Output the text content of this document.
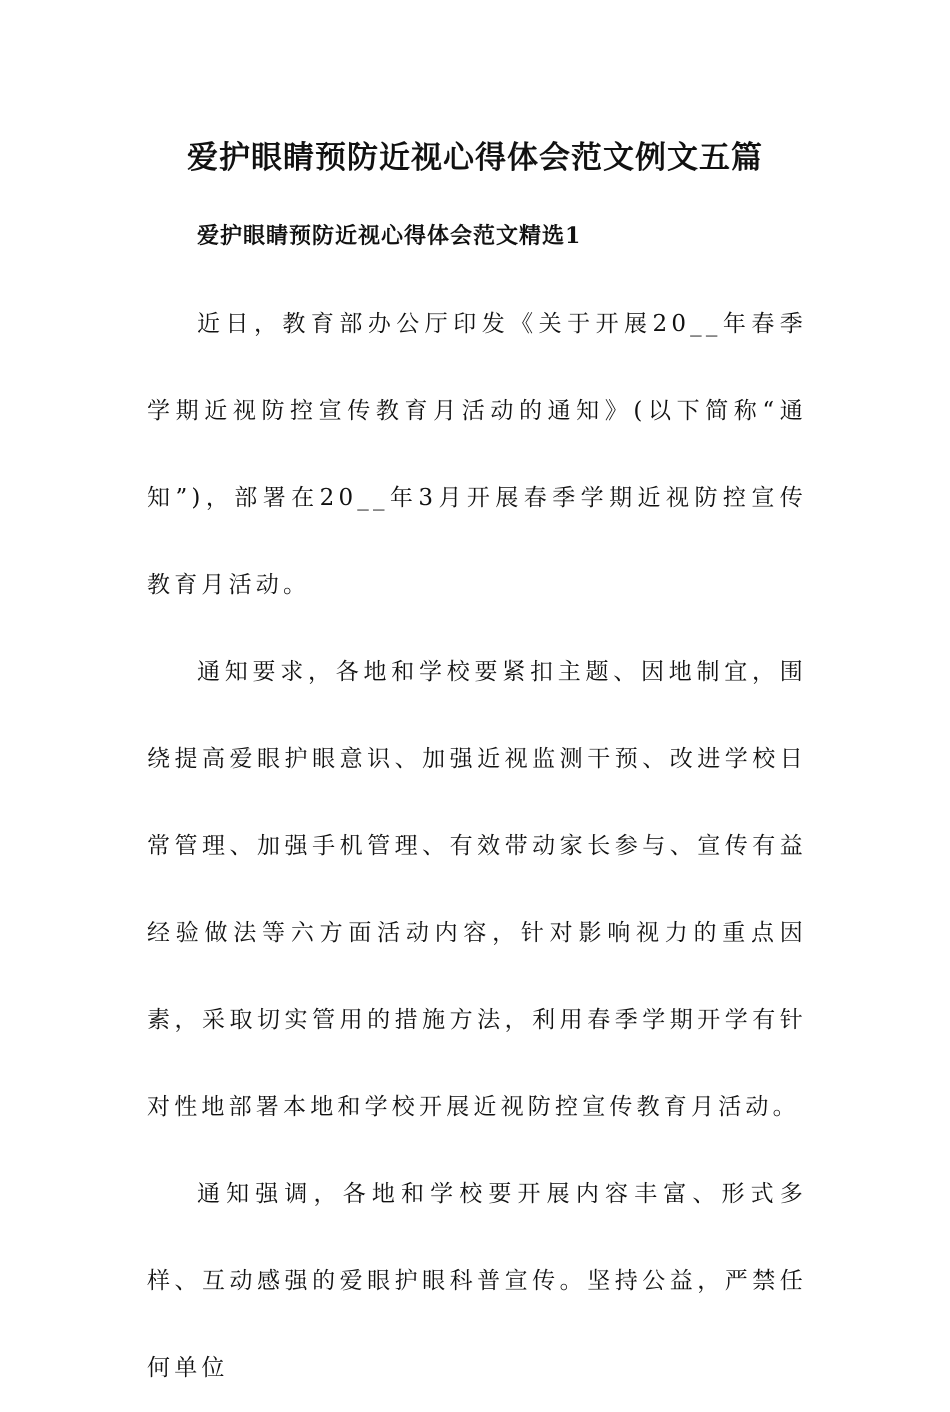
爱护眼睛预防近视心得体会范文例文五篇
爱护眼睛预防近视心得体会范文精选1

近日，教育部办公厅印发《关于开展20__年春季学期近视防控宣传教育月活动的通知》(以下简称“通知”)，部署在20__年3月开展春季学期近视防控宣传教育月活动。

通知要求，各地和学校要紧扣主题、因地制宜，围绕提高爱眼护眼意识、加强近视监测干预、改进学校日常管理、加强手机管理、有效带动家长参与、宣传有益经验做法等六方面活动内容，针对影响视力的重点因素，采取切实管用的措施方法，利用春季学期开学有针对性地部署本地和学校开展近视防控宣传教育月活动。

通知强调，各地和学校要开展内容丰富、形式多样、互动感强的爱眼护眼科普宣传。坚持公益，严禁任何单位
